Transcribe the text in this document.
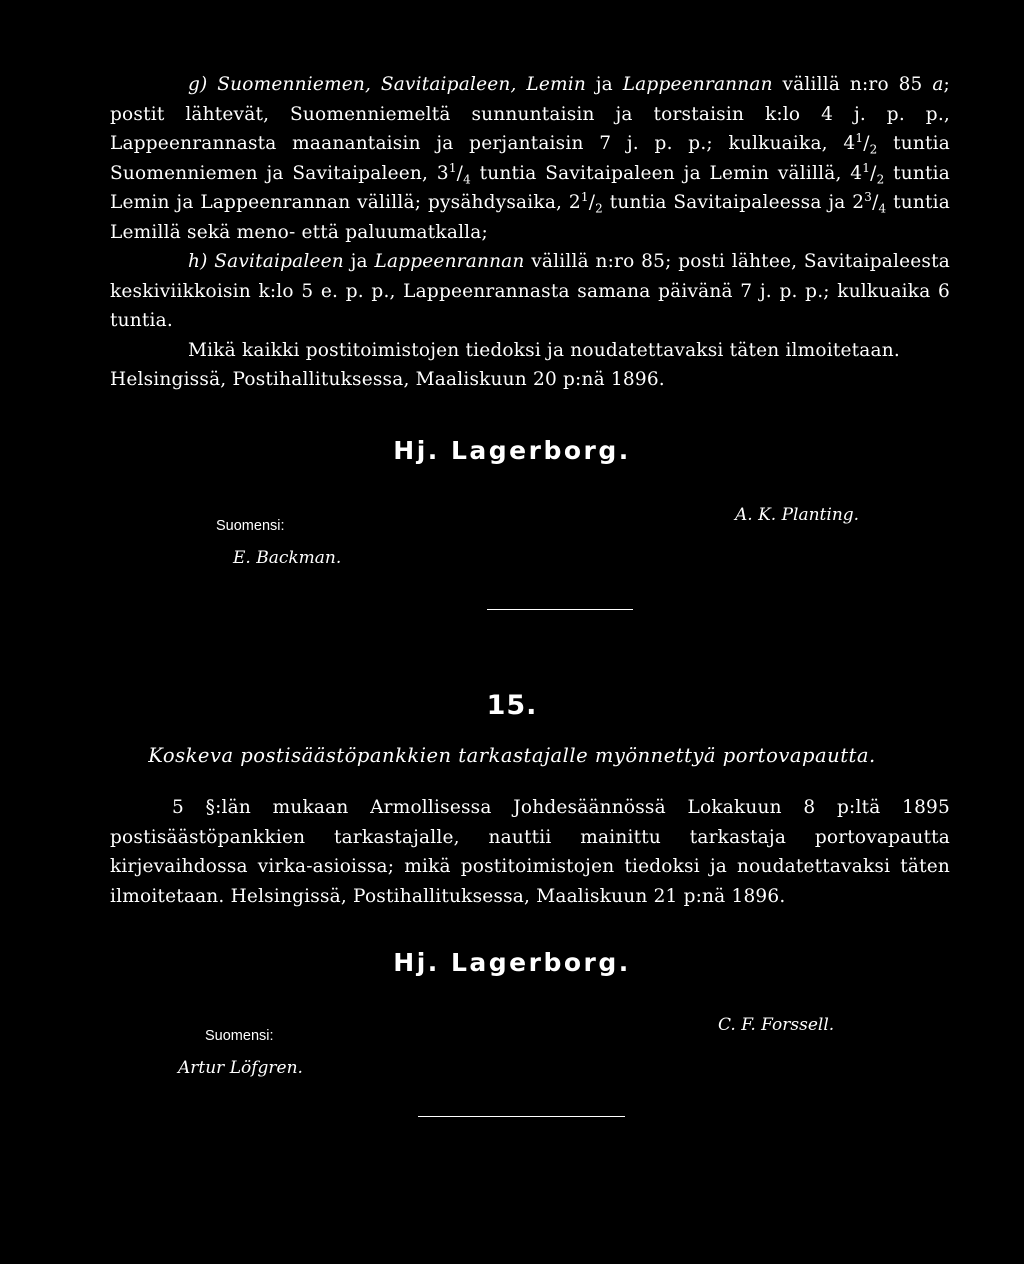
g) Suomenniemen, Savitaipaleen, Lemin ja Lappeenrannan välillä n:ro 85 a; postit lähtevät, Suomenniemeltä sunnuntaisin ja torstaisin k:lo 4 j. p. p., Lappeenrannasta maanantaisin ja perjantaisin 7 j. p. p.; kulkuaika, $4^1/_2$ tuntia Suomenniemen ja Savitaipaleen, $3^1/_4$ tuntia Savitaipaleen ja Lemin välillä, $4^1/_2$ tuntia Lemin ja Lappeenrannan välillä; pysähdysaika, $2^1/_2$ tuntia Savitaipaleessa ja $2^3/_4$ tuntia Lemillä sekä meno- että paluumatkalla;

h) Savitaipaleen ja Lappeenrannan välillä n:ro 85; posti lähtee, Savitaipaleesta keskiviikkoisin k:lo 5 e. p. p., Lappeenrannasta samana päivänä 7 j. p. p.; kulkuaika 6 tuntia.

Mikä kaikki postitoimistojen tiedoksi ja noudatettavaksi täten ilmoitetaan.

Helsingissä, Postihallituksessa, Maaliskuun 20 p:nä 1896.

Hj. Lagerborg.
Suomensi:
E. Backman.
A. K. Planting.
15.
Koskeva postisäästöpankkien tarkastajalle myönnettyä portovapautta.

5 §:län mukaan Armollisessa Johdesäännössä Lokakuun 8 p:ltä 1895 postisäästöpankkien tarkastajalle, nauttii mainittu tarkastaja portovapautta kirjevaihdossa virka-asioissa; mikä postitoimistojen tiedoksi ja noudatettavaksi täten ilmoitetaan. Helsingissä, Postihallituksessa, Maaliskuun 21 p:nä 1896.

Hj. Lagerborg.
Suomensi:
Artur Löfgren.
C. F. Forssell.
